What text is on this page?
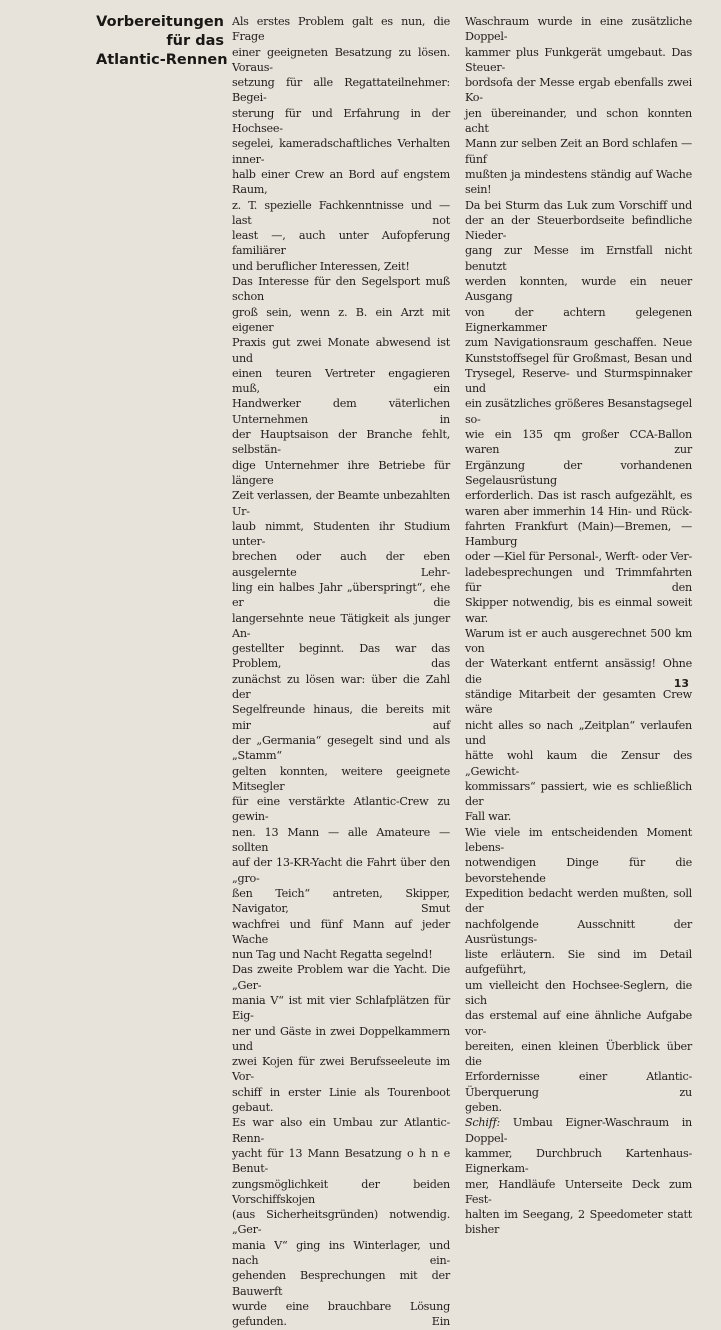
Vorbereitungen
für das
Atlantic-Rennen

Als erstes Problem galt es nun, die Frage

einer geeigneten Besatzung zu lösen. Voraus-

setzung für alle Regattateilnehmer: Begei-

sterung für und Erfahrung in der Hochsee-

segelei, kameradschaftliches Verhalten inner-

halb einer Crew an Bord auf engstem Raum,

z. T. spezielle Fachkenntnisse und — last not

least —, auch unter Aufopferung familiärer

und beruflicher Interessen, Zeit!

Das Interesse für den Segelsport muß schon

groß sein, wenn z. B. ein Arzt mit eigener

Praxis gut zwei Monate abwesend ist und

einen teuren Vertreter engagieren muß, ein

Handwerker dem väterlichen Unternehmen in

der Hauptsaison der Branche fehlt, selbstän-

dige Unternehmer ihre Betriebe für längere

Zeit verlassen, der Beamte unbezahlten Ur-

laub nimmt, Studenten ihr Studium unter-

brechen oder auch der eben ausgelernte Lehr-

ling ein halbes Jahr „überspringt“, ehe er die

langersehnte neue Tätigkeit als junger An-

gestellter beginnt. Das war das Problem, das

zunächst zu lösen war: über die Zahl der

Segelfreunde hinaus, die bereits mit mir auf

der „Germania“ gesegelt sind und als „Stamm“

gelten konnten, weitere geeignete Mitsegler

für eine verstärkte Atlantic-Crew zu gewin-

nen. 13 Mann — alle Amateure — sollten

auf der 13-KR-Yacht die Fahrt über den „gro-

ßen Teich“ antreten, Skipper, Navigator, Smut

wachfrei und fünf Mann auf jeder Wache

nun Tag und Nacht Regatta segelnd!

Das zweite Problem war die Yacht. Die „Ger-

mania V“ ist mit vier Schlafplätzen für Eig-

ner und Gäste in zwei Doppelkammern und

zwei Kojen für zwei Berufsseeleute im Vor-

schiff in erster Linie als Tourenboot gebaut.

Es war also ein Umbau zur Atlantic-Renn-

yacht für 13 Mann Besatzung o h n e Benut-

zungsmöglichkeit der beiden Vorschiffskojen

(aus Sicherheitsgründen) notwendig. „Ger-

mania V“ ging ins Winterlager, und nach ein-

gehenden Besprechungen mit der Bauwerft

wurde eine brauchbare Lösung gefunden. Ein

Waschraum wurde in eine zusätzliche Doppel-

kammer plus Funkgerät umgebaut. Das Steuer-

bordsofa der Messe ergab ebenfalls zwei Ko-

jen übereinander, und schon konnten acht

Mann zur selben Zeit an Bord schlafen — fünf

mußten ja mindestens ständig auf Wache sein!

Da bei Sturm das Luk zum Vorschiff und

der an der Steuerbordseite befindliche Nieder-

gang zur Messe im Ernstfall nicht benutzt

werden konnten, wurde ein neuer Ausgang

von der achtern gelegenen Eignerkammer

zum Navigationsraum geschaffen. Neue

Kunststoffsegel für Großmast, Besan und

Trysegel, Reserve- und Sturmspinnaker und

ein zusätzliches größeres Besanstagsegel so-

wie ein 135 qm großer CCA-Ballon waren zur

Ergänzung der vorhandenen Segelausrüstung

erforderlich. Das ist rasch aufgezählt, es

waren aber immerhin 14 Hin- und Rück-

fahrten Frankfurt (Main)—Bremen, —Hamburg

oder —Kiel für Personal-, Werft- oder Ver-

ladebesprechungen und Trimmfahrten für den

Skipper notwendig, bis es einmal soweit war.

Warum ist er auch ausgerechnet 500 km von

der Waterkant entfernt ansässig! Ohne die

ständige Mitarbeit der gesamten Crew wäre

nicht alles so nach „Zeitplan“ verlaufen und

hätte wohl kaum die Zensur des „Gewicht-

kommissars“ passiert, wie es schließlich der

Fall war.

Wie viele im entscheidenden Moment lebens-

notwendigen Dinge für die bevorstehende

Expedition bedacht werden mußten, soll der

nachfolgende Ausschnitt der Ausrüstungs-

liste erläutern. Sie sind im Detail aufgeführt,

um vielleicht den Hochsee-Seglern, die sich

das erstemal auf eine ähnliche Aufgabe vor-

bereiten, einen kleinen Überblick über die

Erfordernisse einer Atlantic-Überquerung zu

geben.

Schiff: Umbau Eigner-Waschraum in Doppel-

kammer, Durchbruch Kartenhaus-Eignerkam-

mer, Handläufe Unterseite Deck zum Fest-

halten im Seegang, 2 Speedometer statt bisher

13
